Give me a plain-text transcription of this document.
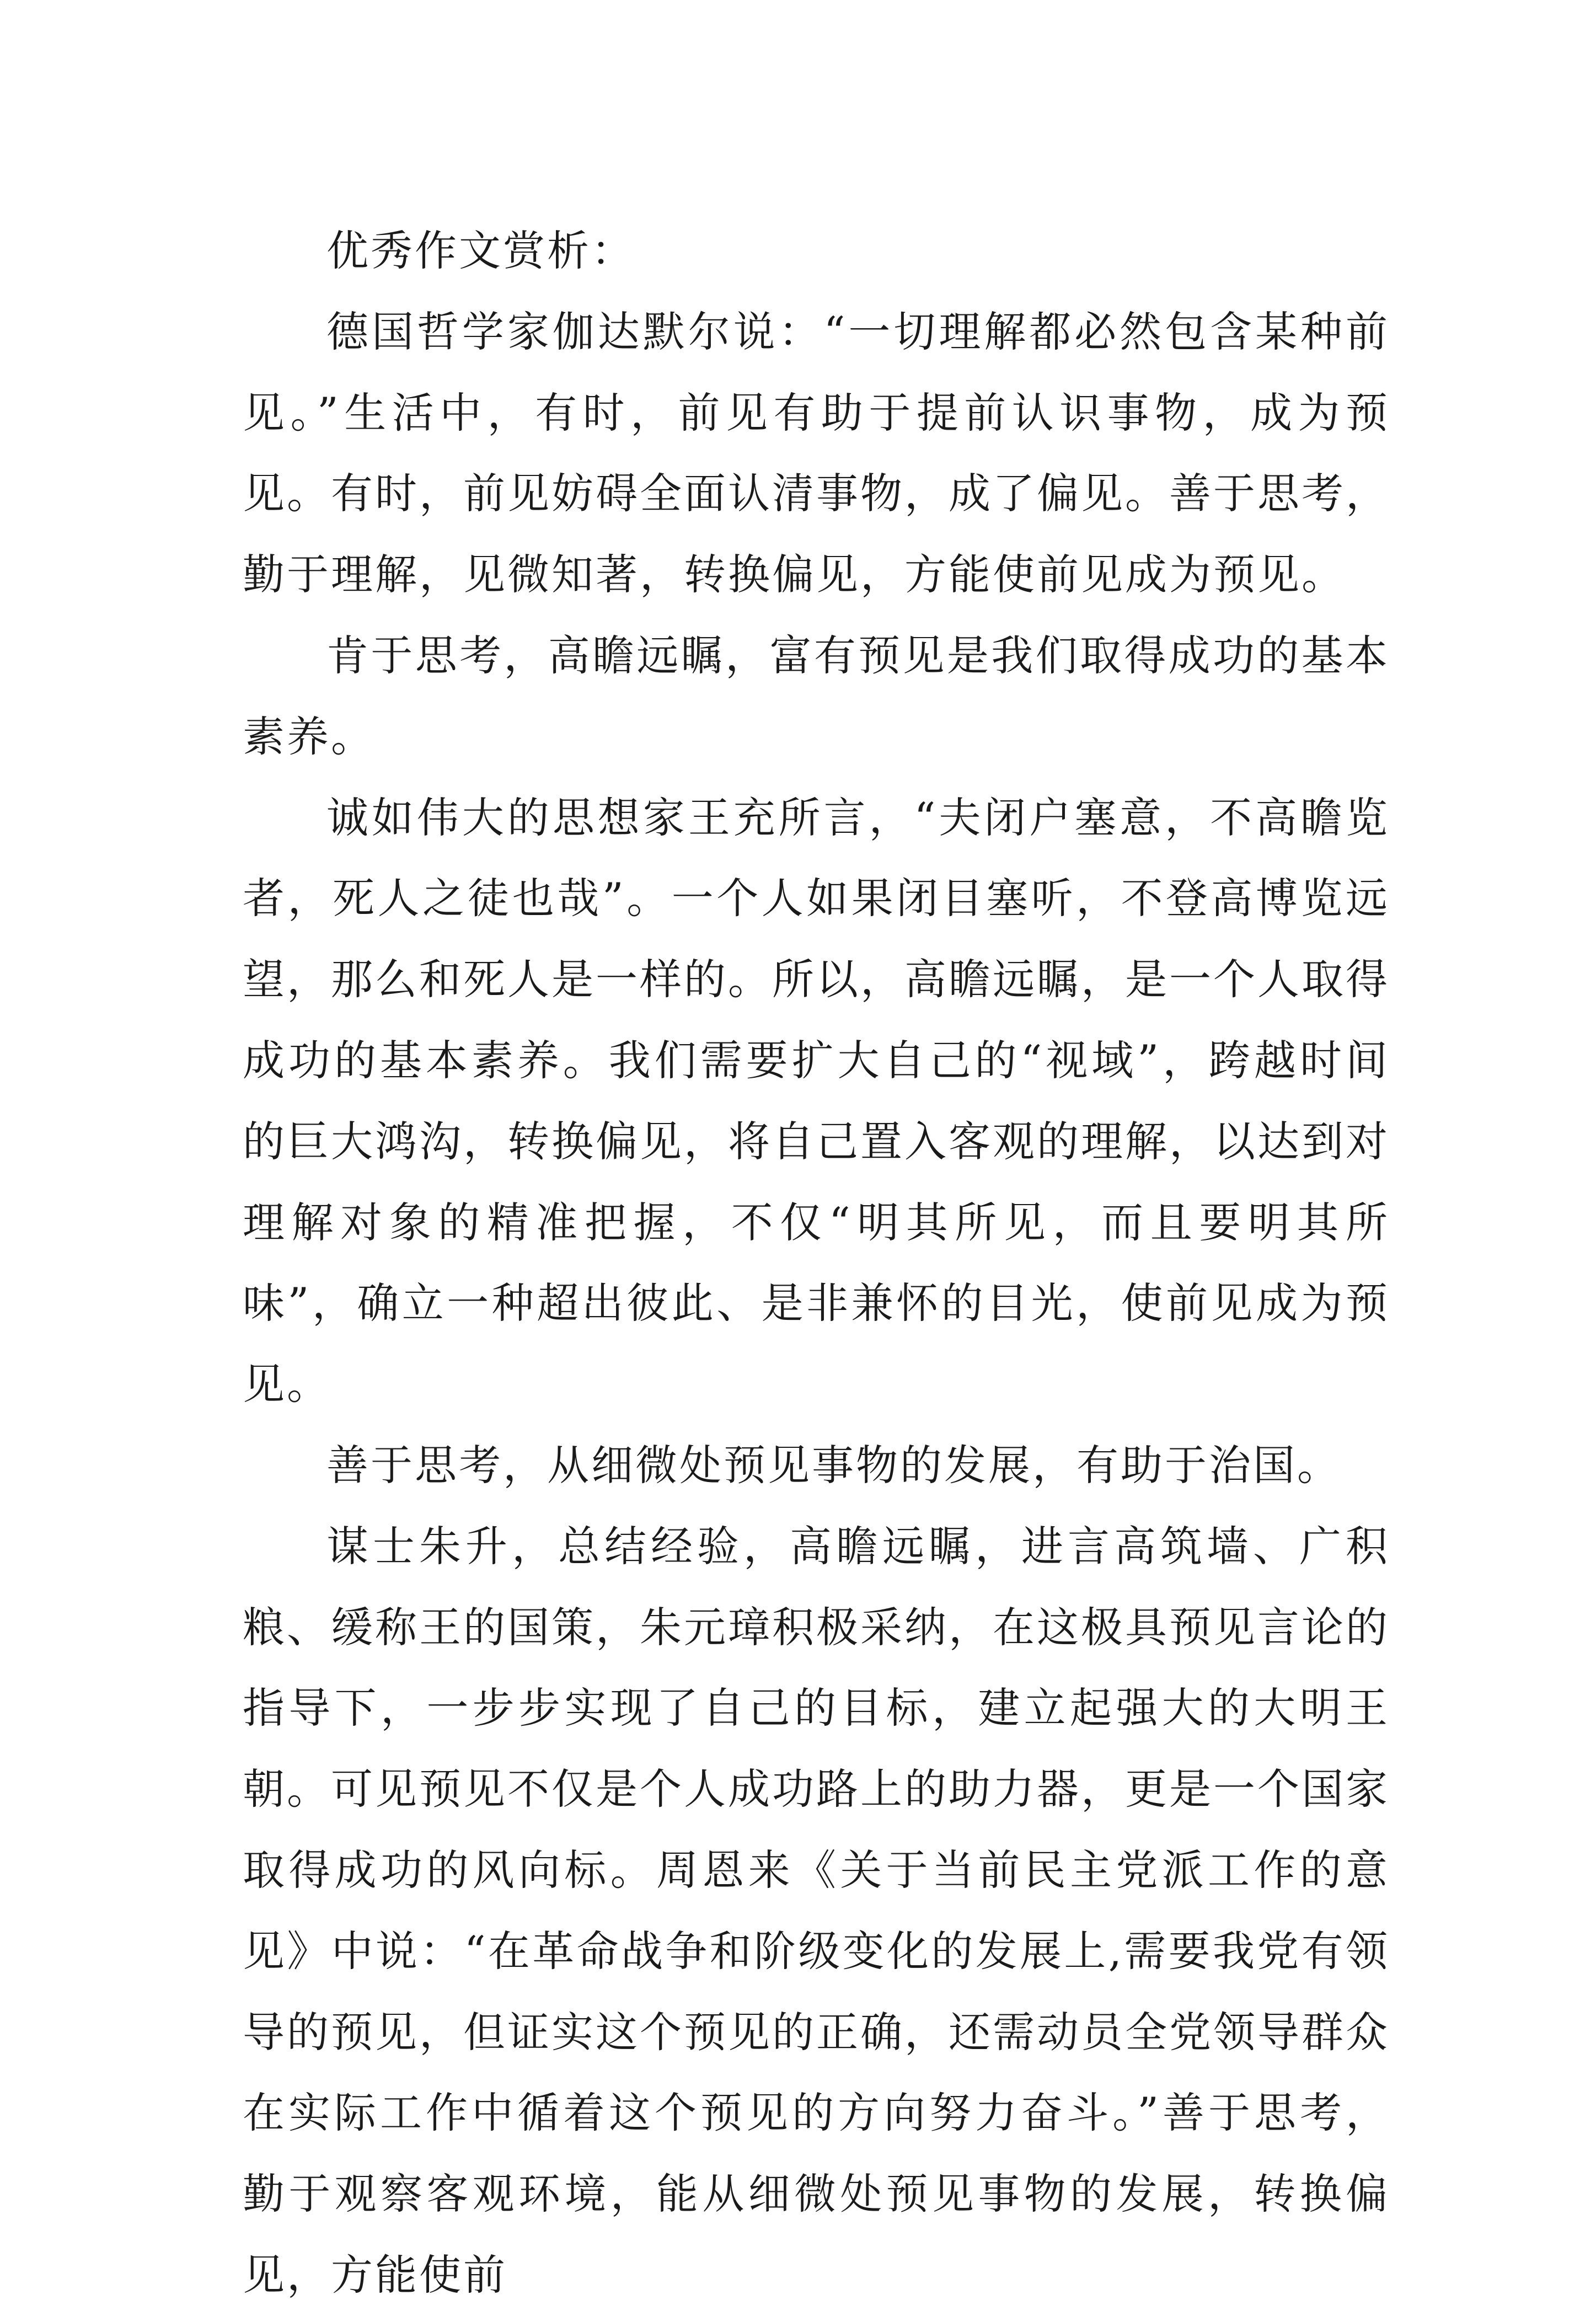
优秀作文赏析：

德国哲学家伽达默尔说：“一切理解都必然包含某种前见。”生活中，有时，前见有助于提前认识事物，成为预见。有时，前见妨碍全面认清事物，成了偏见。善于思考，勤于理解，见微知著，转换偏见，方能使前见成为预见。

肯于思考，高瞻远瞩，富有预见是我们取得成功的基本素养。

诚如伟大的思想家王充所言，“夫闭户塞意，不高瞻览者，死人之徒也哉”。一个人如果闭目塞听，不登高博览远望，那么和死人是一样的。所以，高瞻远瞩，是一个人取得成功的基本素养。我们需要扩大自己的“视域”，跨越时间的巨大鸿沟，转换偏见，将自己置入客观的理解，以达到对理解对象的精准把握，不仅“明其所见，而且要明其所味”，确立一种超出彼此、是非兼怀的目光，使前见成为预见。

善于思考，从细微处预见事物的发展，有助于治国。

谋士朱升，总结经验，高瞻远瞩，进言高筑墙、广积粮、缓称王的国策，朱元璋积极采纳，在这极具预见言论的指导下，一步步实现了自己的目标，建立起强大的大明王朝。可见预见不仅是个人成功路上的助力器，更是一个国家取得成功的风向标。周恩来《关于当前民主党派工作的意见》中说：“在革命战争和阶级变化的发展上,需要我党有领导的预见，但证实这个预见的正确，还需动员全党领导群众在实际工作中循着这个预见的方向努力奋斗。”善于思考，勤于观察客观环境，能从细微处预见事物的发展，转换偏见，方能使前
